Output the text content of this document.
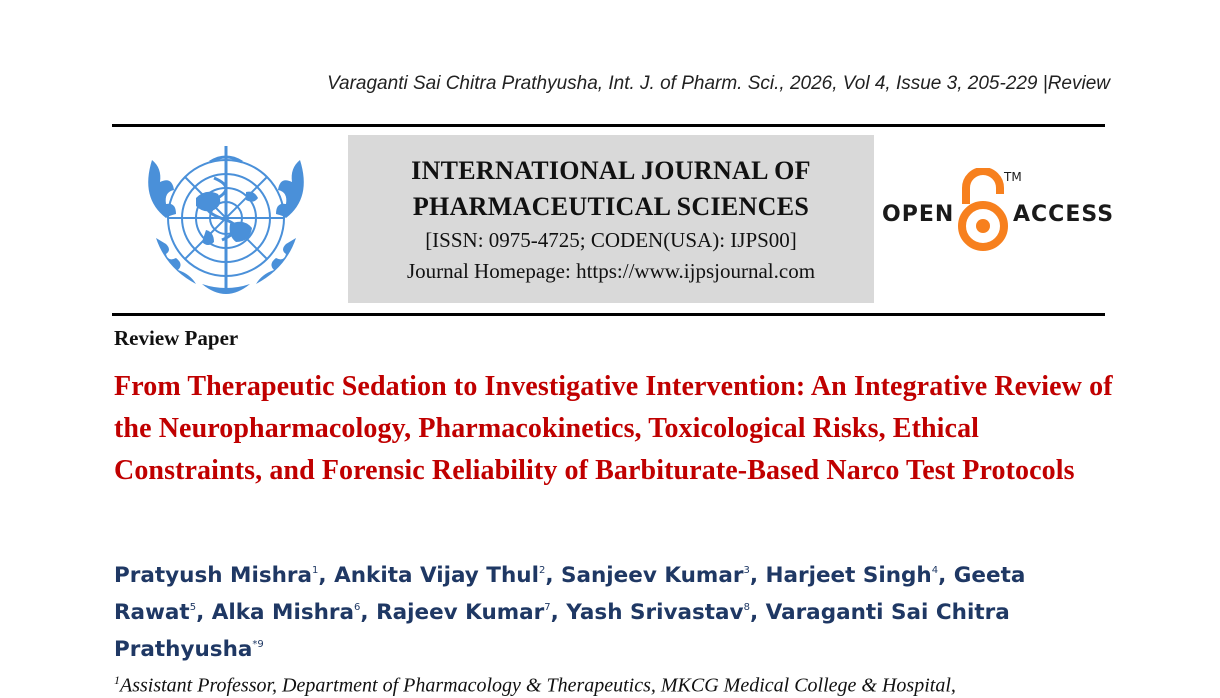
Varaganti Sai Chitra Prathyusha, Int. J. of Pharm. Sci., 2026, Vol 4, Issue 3, 205-229 |Review
INTERNATIONAL JOURNAL OF
PHARMACEUTICAL SCIENCES
[ISSN: 0975-4725; CODEN(USA): IJPS00]
Journal Homepage: https://www.ijpsjournal.com
OPEN
TM
ACCESS
Review Paper
From Therapeutic Sedation to Investigative Intervention: An Integrative Review of the Neuropharmacology, Pharmacokinetics, Toxicological Risks, Ethical Constraints, and Forensic Reliability of Barbiturate-Based Narco Test Protocols
Pratyush Mishra$^1$, Ankita Vijay Thul$^2$, Sanjeev Kumar$^3$, Harjeet Singh$^4$, Geeta Rawat$^5$, Alka Mishra$^6$, Rajeev Kumar$^7$, Yash Srivastav$^8$, Varaganti Sai Chitra Prathyusha$^{*9}$
$^1$Assistant Professor, Department of Pharmacology & Therapeutics, MKCG Medical College & Hospital,
